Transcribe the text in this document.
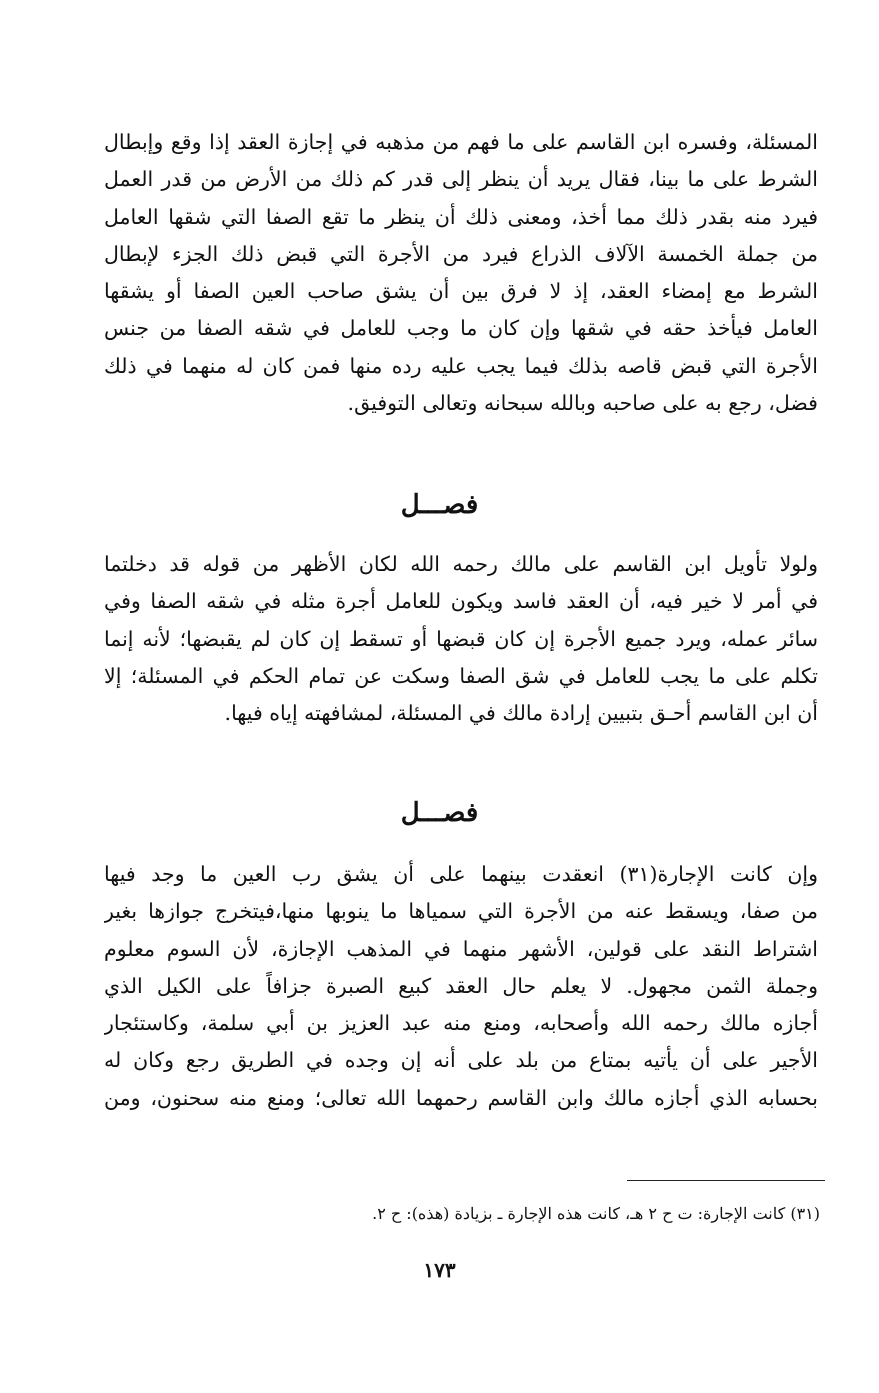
المسئلة، وفسره ابن القاسم على ما فهم من مذهبه في إجازة العقد إذا وقع وإبطال
الشرط على ما بينا، فقال يريد أن ينظر إلى قدر كم ذلك من الأرض من قدر العمل
فيرد منه بقدر ذلك مما أخذ، ومعنى ذلك أن ينظر ما تقع الصفا التي شقها العامل
من جملة الخمسة الآلاف الذراع فيرد من الأجرة التي قبض ذلك الجزء لإبطال
الشرط مع إمضاء العقد، إذ لا فرق بين أن يشق صاحب العين الصفا أو يشقها
العامل فيأخذ حقه في شقها وإن كان ما وجب للعامل في شقه الصفا من جنس
الأجرة التي قبض قاصه بذلك فيما يجب عليه رده منها فمن كان له منهما في ذلك
فضل، رجع به على صاحبه وبالله سبحانه وتعالى التوفيق.
فصـــل
ولولا تأويل ابن القاسم على مالك رحمه الله لكان الأظهر من قوله قد دخلتما
في أمر لا خير فيه، أن العقد فاسد ويكون للعامل أجرة مثله في شقه الصفا وفي
سائر عمله، ويرد جميع الأجرة إن كان قبضها أو تسقط إن كان لم يقبضها؛ لأنه إنما
تكلم على ما يجب للعامل في شق الصفا وسكت عن تمام الحكم في المسئلة؛ إلا
أن ابن القاسم أحـق بتبيين إرادة مالك في المسئلة، لمشافهته إياه فيها.
فصـــل
وإن كانت الإجارة(٣١) انعقدت بينهما على أن يشق رب العين ما وجد فيها
من صفا، ويسقط عنه من الأجرة التي سمياها ما ينوبها منها،فيتخرج جوازها بغير
اشتراط النقد على قولين، الأشهر منهما في المذهب الإجازة، لأن السوم معلوم
وجملة الثمن مجهول. لا يعلم حال العقد كبيع الصبرة جزافاً على الكيل الذي
أجازه مالك رحمه الله وأصحابه، ومنع منه عبد العزيز بن أبي سلمة، وكاستئجار
الأجير على أن يأتيه بمتاع من بلد على أنه إن وجده في الطريق رجع وكان له
بحسابه الذي أجازه مالك وابن القاسم رحمهما الله تعالى؛ ومنع منه سحنون، ومن
(٣١) كانت الإجارة: ت ح ٢ هـ، كانت هذه الإجارة ـ بزيادة (هذه): ح ٢.
١٧٣
